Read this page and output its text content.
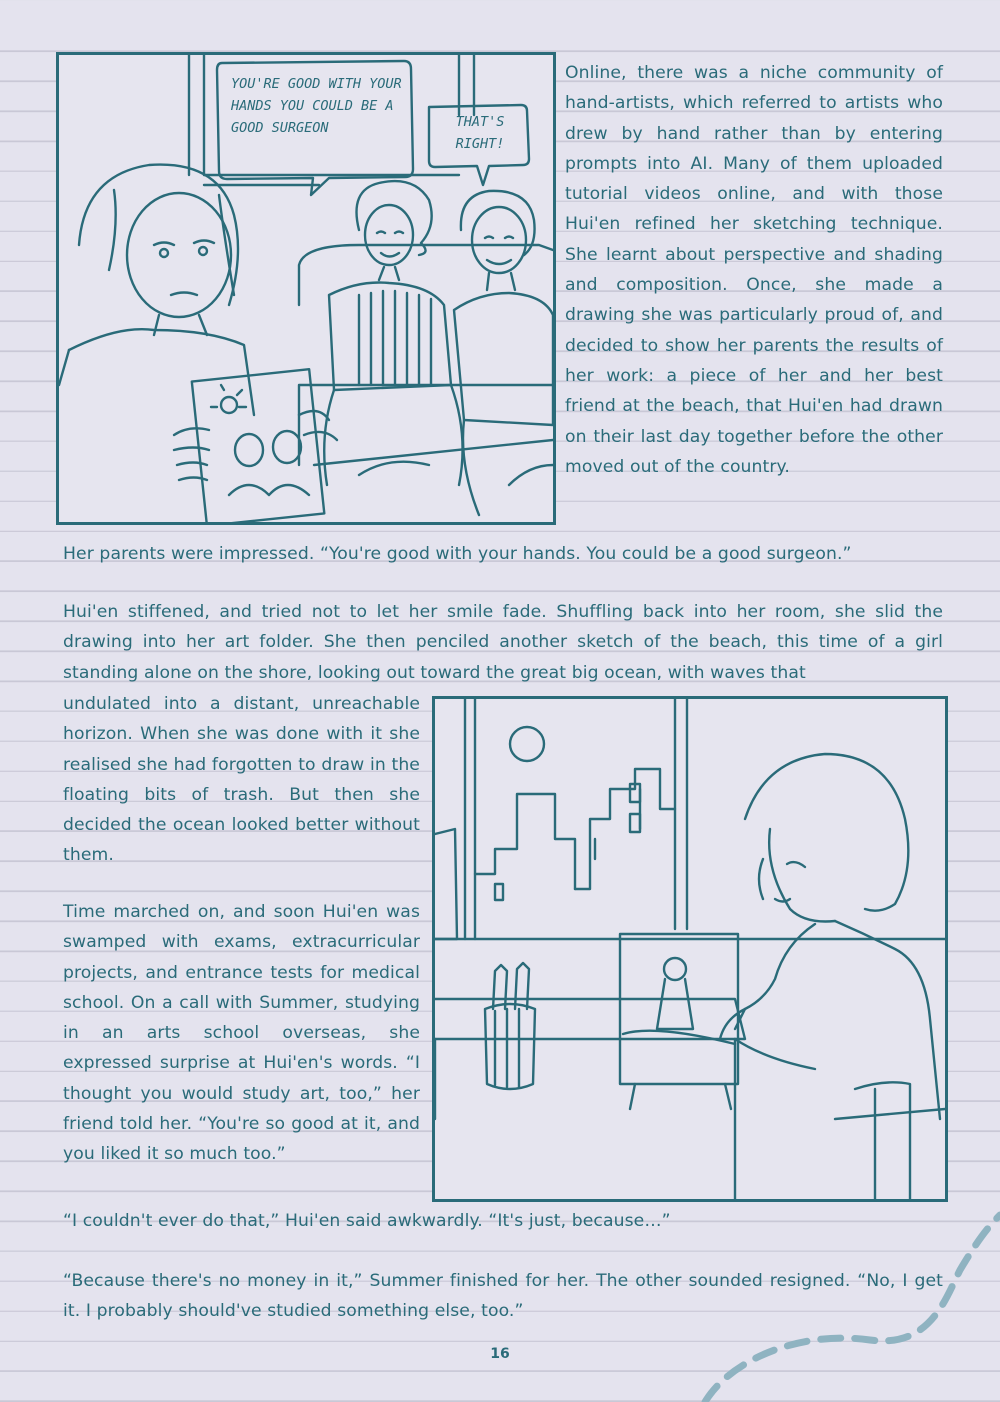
YOU'RE GOOD WITH YOUR HANDS YOU COULD BE A GOOD SURGEON	THAT'S RIGHT!

Online, there was a niche community of hand-artists, which referred to artists who drew by hand rather than by entering prompts into AI. Many of them uploaded tutorial videos online, and with those Hui'en refined her sketching technique. She learnt about perspective and shading and composition. Once, she made a drawing she was particularly proud of, and decided to show her parents the results of her work: a piece of her and her best friend at the beach, that Hui'en had drawn on their last day together before the other moved out of the country.

Her parents were impressed. “You're good with your hands. You could be a good surgeon.”

Hui'en stiffened, and tried not to let her smile fade. Shuffling back into her room, she slid the drawing into her art folder. She then penciled another sketch of the beach, this time of a girl standing alone on the shore, looking out toward the great big ocean, with waves that

undulated into a distant, unreachable horizon. When she was done with it she realised she had forgotten to draw in the floating bits of trash. But then she decided the ocean looked better without them.

Time marched on, and soon Hui'en was swamped with exams, extracurricular projects, and entrance tests for medical school. On a call with Summer, studying in an arts school overseas, she expressed surprise at Hui'en's words. “I thought you would study art, too,” her friend told her. “You're so good at it, and you liked it so much too.”

“I couldn't ever do that,” Hui'en said awkwardly. “It's just, because…”

“Because there's no money in it,” Summer finished for her. The other sounded resigned. “No, I get it. I probably should've studied something else, too.”

16
